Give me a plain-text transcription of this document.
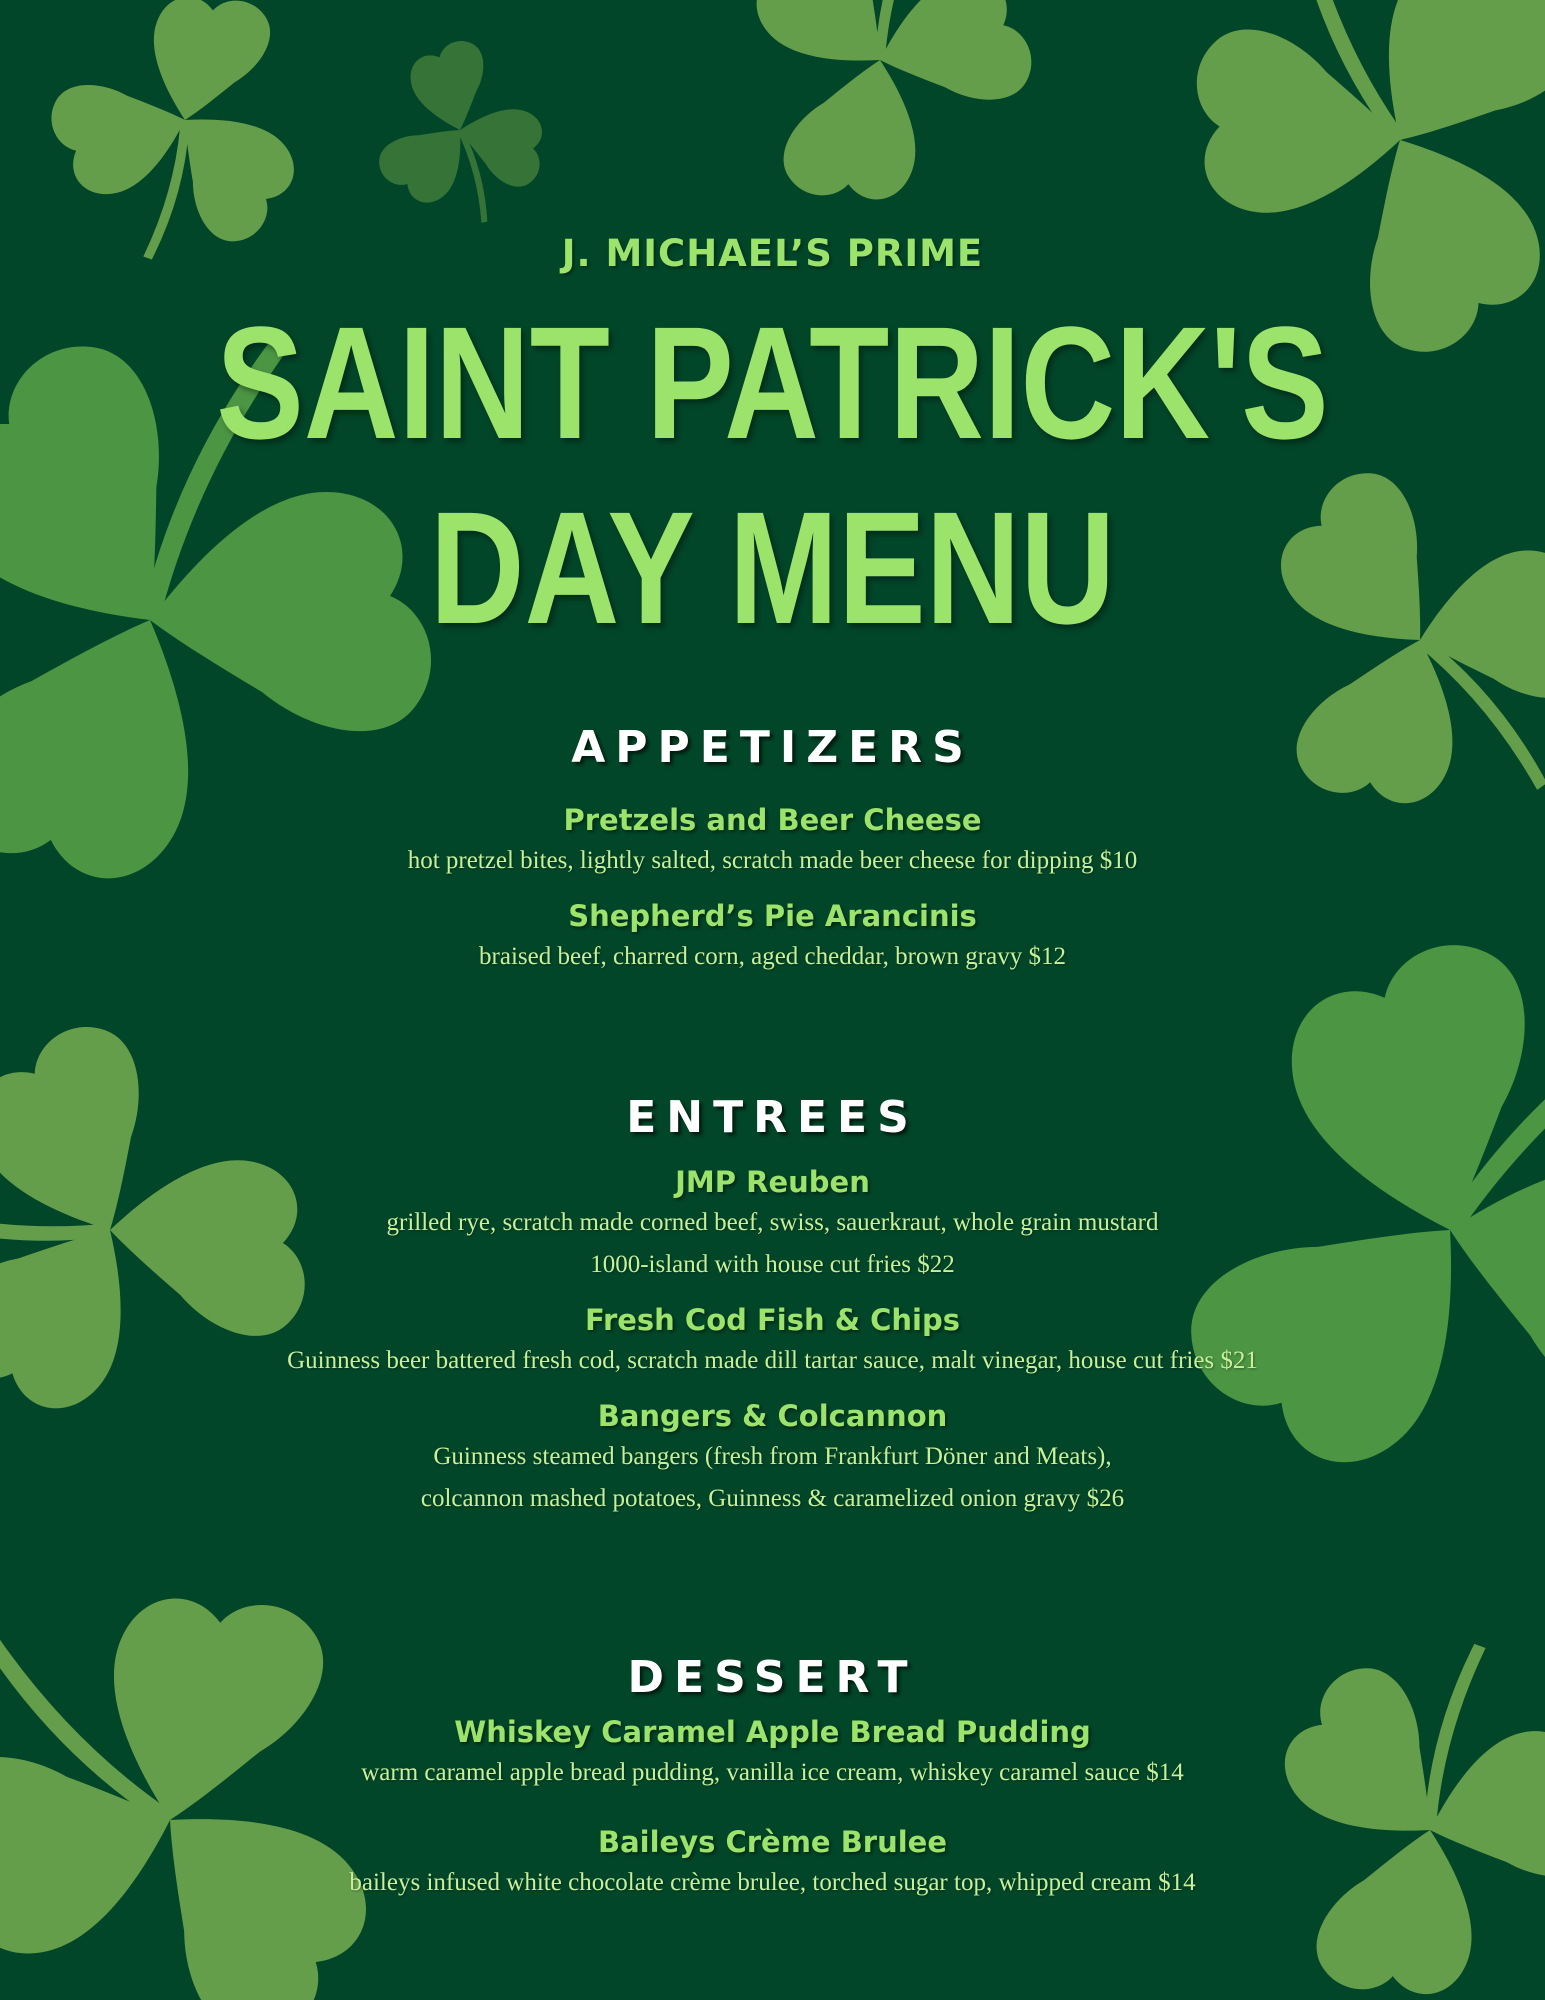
J. MICHAEL’S PRIME
SAINT PATRICK'S
DAY MENU
APPETIZERS
Pretzels and Beer Cheese
hot pretzel bites, lightly salted, scratch made beer cheese for dipping $10
Shepherd’s Pie Arancinis
braised beef, charred corn, aged cheddar, brown gravy $12
ENTREES
JMP Reuben
grilled rye, scratch made corned beef, swiss, sauerkraut, whole grain mustard
1000-island with house cut fries $22
Fresh Cod Fish & Chips
Guinness beer battered fresh cod, scratch made dill tartar sauce, malt vinegar, house cut fries $21
Bangers & Colcannon
Guinness steamed bangers (fresh from Frankfurt Döner and Meats),
colcannon mashed potatoes, Guinness & caramelized onion gravy $26
DESSERT
Whiskey Caramel Apple Bread Pudding
warm caramel apple bread pudding, vanilla ice cream, whiskey caramel sauce $14
Baileys Crème Brulee
baileys infused white chocolate crème brulee, torched sugar top, whipped cream $14
